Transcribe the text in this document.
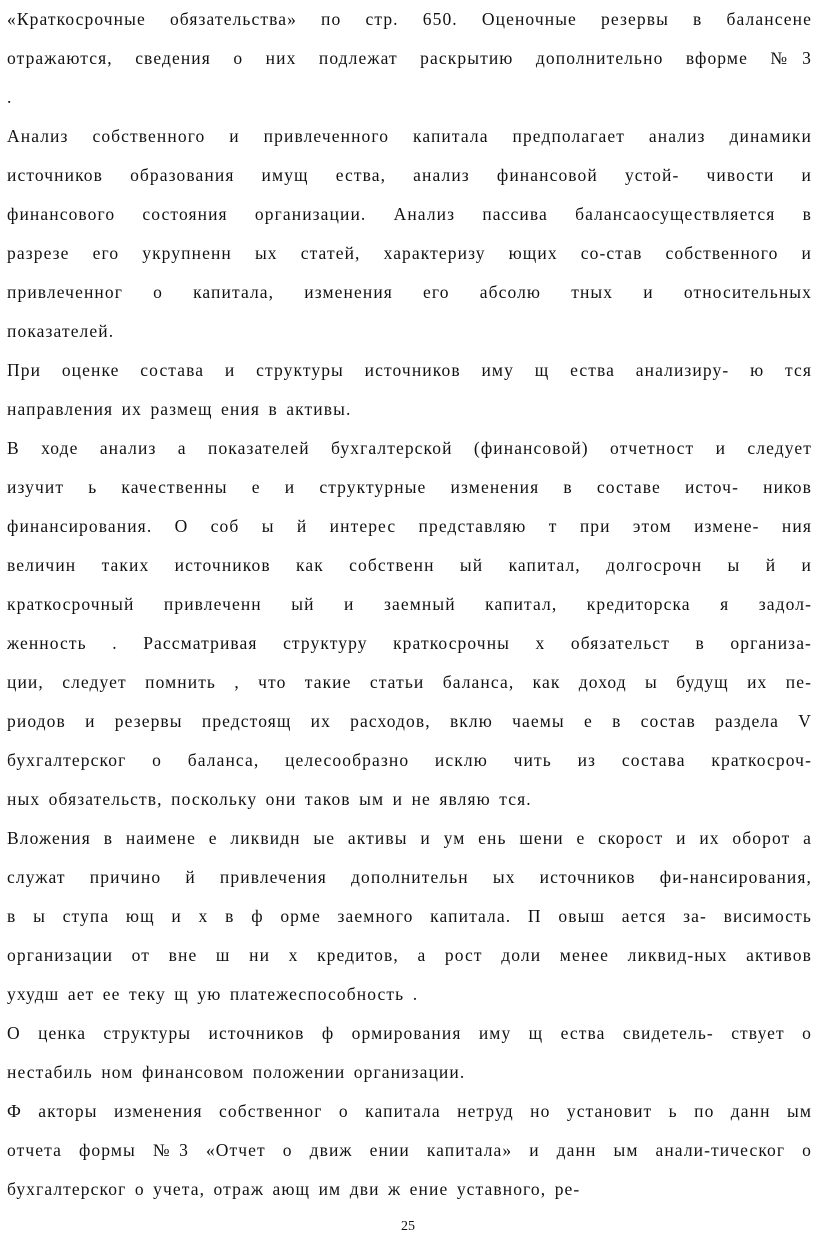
«Краткосрочные обязательства» по стр. 650. Оценочные резервы в балансене
отражаются, сведения о них подлежат раскрытию дополнительно вформе №3
.
Анализ собственного и привлеченного капитала предполагает анализ динамики
источников образования имущ ества, анализ финансовой устой- чивости и
финансового состояния организации. Анализ пассива балансаосуществляется в
разрезе его укрупненн ых статей, характеризу ющих со-став собственного и
привлеченног о капитала, изменения его абсолю тных и относительных
показателей.
При оценке состава и структуры источников иму щ ества анализиру- ю тся
направления их размещ ения в активы.
В ходе анализ а показателей бухгалтерской (финансовой) отчетност и следует
изучит ь качественны е и структурные изменения в составе источ- ников
финансирования. О соб ы й интерес представляю т при этом измене- ния
величин таких источников как собственн ый капитал, долгосрочн ы й и
краткосрочный привлеченн ый и заемный капитал, кредиторска я задол-
женность . Рассматривая структуру краткосрочны х обязательст в организа-
ции, следует помнить , что такие статьи баланса, как доход ы будущ их пе-
риодов и резервы предстоящ их расходов, вклю чаемы е в состав раздела V
бухгалтерског о баланса, целесообразно исклю чить из состава краткосроч-
ных обязательств, поскольку они таков ым и не являю тся.
Вложения в наимене е ликвидн ые активы и ум ень шени е скорост и их оборот а
служат причино й привлечения дополнительн ых источников фи-нансирования,
в ы ступа ющ и х в ф орме заемного капитала. П овыш ается за- висимость
организации от вне ш ни х кредитов, а рост доли менее ликвид-ных активов
ухудш ает ее теку щ ую платежеспособность .
О ценка структуры источников ф ормирования иму щ ества свидетель- ствует о
нестабиль ном финансовом положении организации.
Ф акторы изменения собственног о капитала нетруд но установит ь по данн ым
отчета формы №3 «Отчет о движ ении капитала» и данн ым анали-тическог о
бухгалтерског о учета, отраж ающ им дви ж ение уставного, ре-
25
